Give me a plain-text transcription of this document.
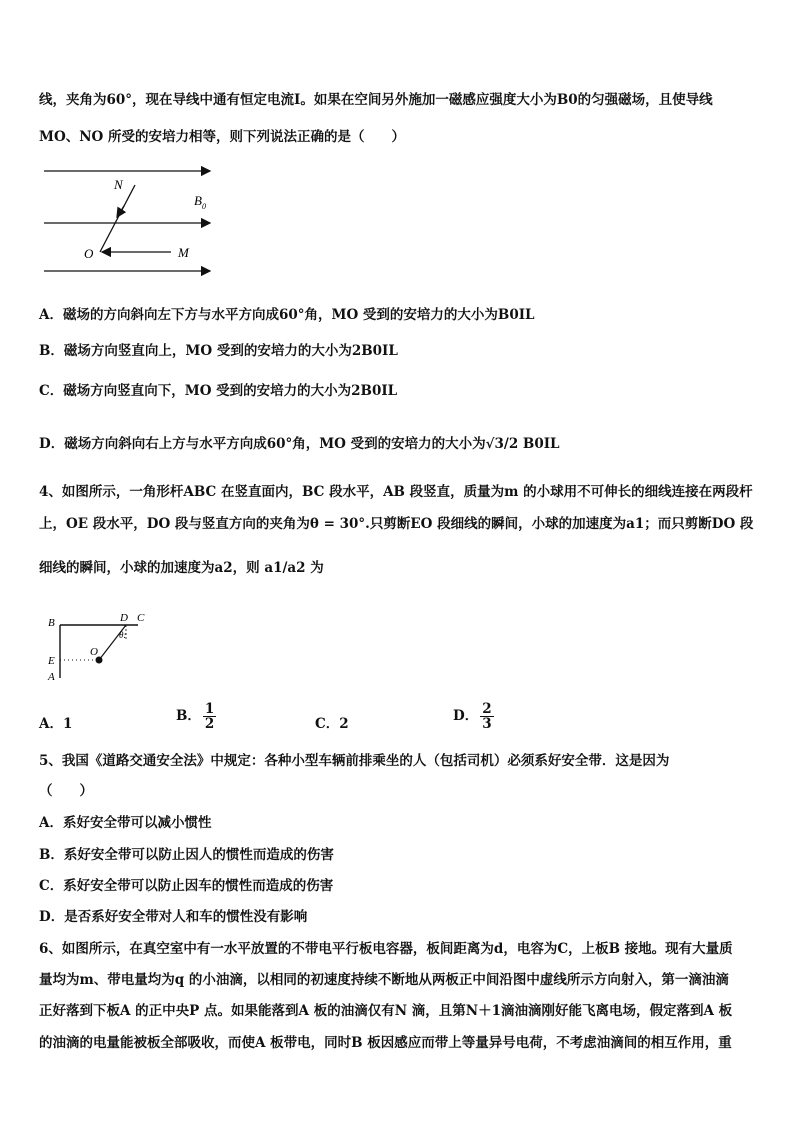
线，夹角为60°，现在导线中通有恒定电流I。如果在空间另外施加一磁感应强度大小为B0的匀强磁场，且使导线
MO、NO 所受的安培力相等，则下列说法正确的是（　　）
N
$B_0$
O	M
A．磁场的方向斜向左下方与水平方向成60°角，MO 受到的安培力的大小为B0IL
B．磁场方向竖直向上，MO 受到的安培力的大小为2B0IL
C．磁场方向竖直向下，MO 受到的安培力的大小为2B0IL
D．磁场方向斜向右上方与水平方向成60°角，MO 受到的安培力的大小为√3/2 B0IL
4、如图所示，一角形杆ABC 在竖直面内，BC 段水平，AB 段竖直，质量为m 的小球用不可伸长的细线连接在两段杆
上，OE 段水平，DO 段与竖直方向的夹角为θ = 30°.只剪断EO 段细线的瞬间，小球的加速度为a1；而只剪断DO 段
细线的瞬间，小球的加速度为a2，则 a1/a2 为
B	D C
θ:
E
O
A
A．1	B． $\frac{1}{2}$	C．2	D． $\frac{2}{3}$
5、我国《道路交通安全法》中规定：各种小型车辆前排乘坐的人（包括司机）必须系好安全带．这是因为
（　　）
A．系好安全带可以减小惯性
B．系好安全带可以防止因人的惯性而造成的伤害
C．系好安全带可以防止因车的惯性而造成的伤害
D．是否系好安全带对人和车的惯性没有影响
6、如图所示，在真空室中有一水平放置的不带电平行板电容器，板间距离为d，电容为C，上板B 接地。现有大量质
量均为m、带电量均为q 的小油滴，以相同的初速度持续不断地从两板正中间沿图中虚线所示方向射入，第一滴油滴
正好落到下板A 的正中央P 点。如果能落到A 板的油滴仅有N 滴，且第N＋1滴油滴刚好能飞离电场，假定落到A 板
的油滴的电量能被板全部吸收，而使A 板带电，同时B 板因感应而带上等量异号电荷，不考虑油滴间的相互作用，重
